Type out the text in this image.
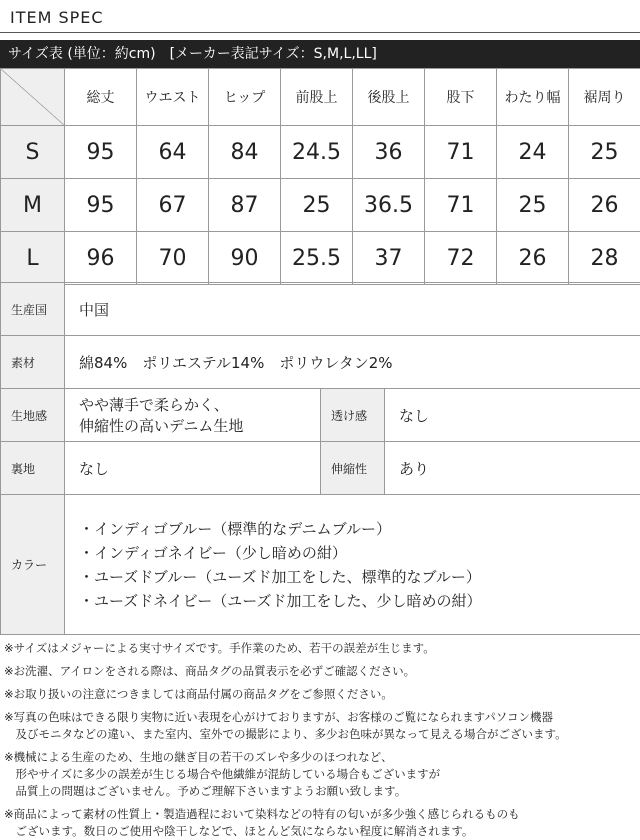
ITEM SPEC
サイズ表 (単位：約cm)　[メーカー表記サイズ：S,M,L,LL]
	総丈	ウエスト	ヒップ	前股上	後股上	股下	わたり幅	裾周り
S	95	64	84	24.5	36	71	24	25
M	95	67	87	25	36.5	71	25	26
L	96	70	90	25.5	37	72	26	28
生産国	中国		
素材	綿84%　ポリエステル14%　ポリウレタン2%		
生地感	やや薄手で柔らかく、
伸縮性の高いデニム生地	透け感	なし
裏地	なし	伸縮性	あり
カラー	・インディゴブルー（標準的なデニムブルー）
・インディゴネイビー（少し暗めの紺）
・ユーズドブルー（ユーズド加工をした、標準的なブルー）
・ユーズドネイビー（ユーズド加工をした、少し暗めの紺）		

※サイズはメジャーによる実寸サイズです。手作業のため、若干の誤差が生じます。

※お洗濯、アイロンをされる際は、商品タグの品質表示を必ずご確認ください。

※お取り扱いの注意につきましては商品付属の商品タグをご参照ください。

※写真の色味はできる限り実物に近い表現を心がけておりますが、お客様のご覧になられますパソコン機器

　及びモニタなどの違い、また室内、室外での撮影により、多少お色味が異なって見える場合がございます。

※機械による生産のため、生地の継ぎ目の若干のズレや多少のほつれなど、

　形やサイズに多少の誤差が生じる場合や他繊維が混紡している場合もございますが

　品質上の問題はございません。予めご理解下さいますようお願い致します。

※商品によって素材の性質上・製造過程において染料などの特有の匂いが多少強く感じられるものも

　ございます。数日のご使用や陰干しなどで、ほとんど気にならない程度に解消されます。
